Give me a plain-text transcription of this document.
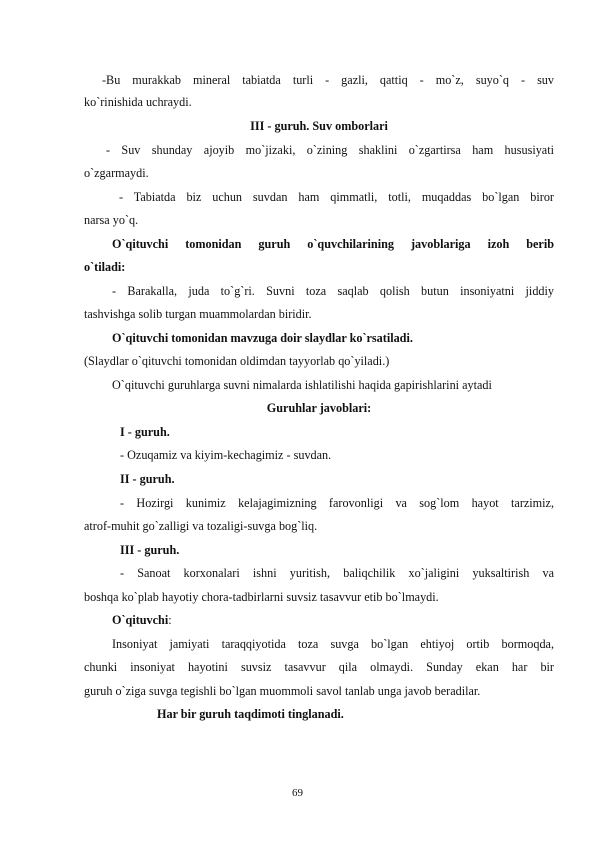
-Bu murakkab mineral tabiatda turli - gazli, qattiq - mo`z, suyo`q - suv
ko`rinishida uchraydi.
III - guruh. Suv omborlari
- Suv shunday ajoyib mo`jizaki, o`zining shaklini o`zgartirsa ham hususiyati
o`zgarmaydi.
- Tabiatda biz uchun suvdan ham qimmatli, totli, muqaddas bo`lgan biror
narsa yo`q.
O`qituvchi tomonidan guruh o`quvchilarining javoblariga izoh berib
o`tiladi:
- Barakalla, juda to`g`ri. Suvni toza saqlab qolish butun insoniyatni jiddiy
tashvishga solib turgan muammolardan biridir.
O`qituvchi tomonidan mavzuga doir slaydlar ko`rsatiladi.
(Slaydlar o`qituvchi tomonidan oldimdan tayyorlab qo`yiladi.)
O`qituvchi guruhlarga suvni nimalarda ishlatilishi haqida gapirishlarini aytadi
Guruhlar javoblari:
I - guruh.
- Ozuqamiz va kiyim-kechagimiz - suvdan.
II - guruh.
- Hozirgi kunimiz kelajagimizning farovonligi va sog`lom hayot tarzimiz,
atrof-muhit go`zalligi va tozaligi-suvga bog`liq.
III - guruh.
- Sanoat korxonalari ishni yuritish, baliqchilik xo`jaligini yuksaltirish va
boshqa ko`plab hayotiy chora-tadbirlarni suvsiz tasavvur etib bo`lmaydi.
O`qituvchi:
Insoniyat jamiyati taraqqiyotida toza suvga bo`lgan ehtiyoj ortib bormoqda,
chunki insoniyat hayotini suvsiz tasavvur qila olmaydi. Sunday ekan har bir
guruh o`ziga suvga tegishli bo`lgan muommoli savol tanlab unga javob beradilar.
Har bir guruh taqdimoti tinglanadi.
69
